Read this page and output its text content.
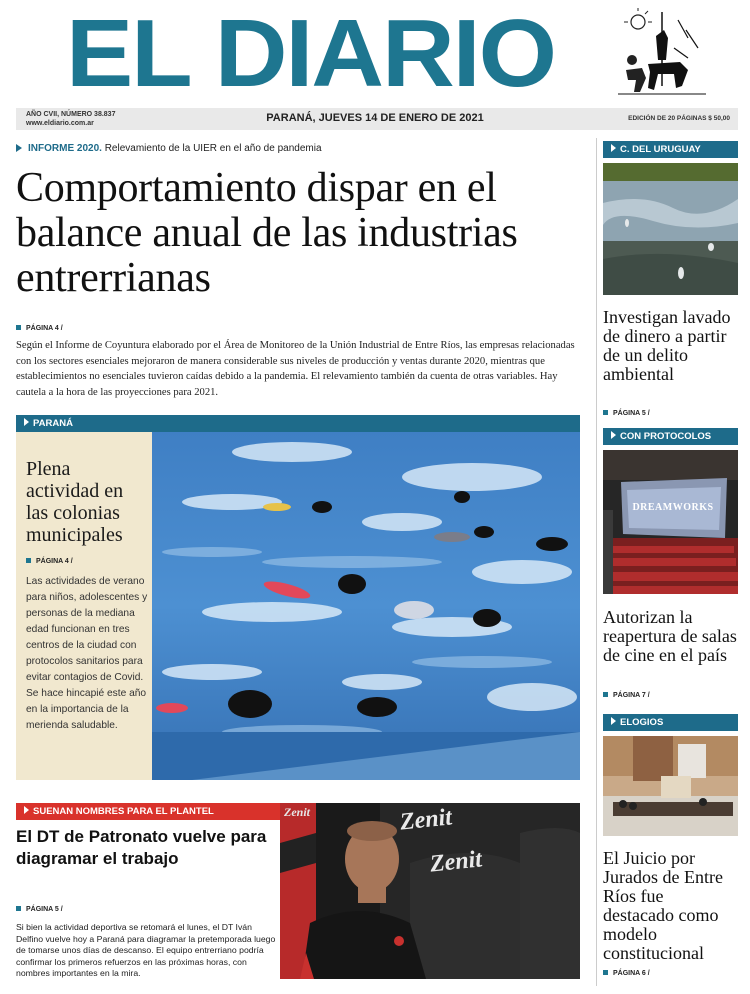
EL DIARIO
AÑO CVII, NÚMERO 38.837
www.eldiario.com.ar	PARANÁ, JUEVES 14 DE ENERO DE 2021	EDICIÓN DE 20 PÁGINAS $ 50,00
INFORME 2020. Relevamiento de la UIER en el año de pandemia
Comportamiento dispar en el balance anual de las industrias entrerrianas
PÁGINA 4 /
Según el Informe de Coyuntura elaborado por el Área de Monitoreo de la Unión Industrial de Entre Ríos, las empresas relacionadas con los sectores esenciales mejoraron de manera considerable sus niveles de producción y ventas durante 2020, mientras que establecimientos no esenciales tuvieron caídas debido a la pandemia. El relevamiento también da cuenta de otras variables. Hay cautela a la hora de las proyecciones para 2021.
PARANÁ
Plena actividad en las colonias municipales
PÁGINA 4 /
Las actividades de verano para niños, adolescentes y personas de la mediana edad funcionan en tres centros de la ciudad con protocolos sanitarios para evitar contagios de Covid. Se hace hincapié este año en la importancia de la merienda saludable.
SUENAN NOMBRES PARA EL PLANTEL
El DT de Patronato vuelve para diagramar el trabajo
PÁGINA 5 /
Si bien la actividad deportiva se retomará el lunes, el DT Iván Delfino vuelve hoy a Paraná para diagramar la pretemporada luego de tomarse unos días de descanso. El equipo entrerriano podría confirmar los primeros refuerzos en las próximas horas, con nombres importantes en la mira.
Zenit	Zenit
Zenit
C. DEL URUGUAY
Investigan lavado de dinero a partir de un delito ambiental
PÁGINA 5 /
CON PROTOCOLOS
DREAMWORKS
Autorizan la reapertura de salas de cine en el país
PÁGINA 7 /
ELOGIOS
El Juicio por Jurados de Entre Ríos fue destacado como modelo constitucional
PÁGINA 6 /
